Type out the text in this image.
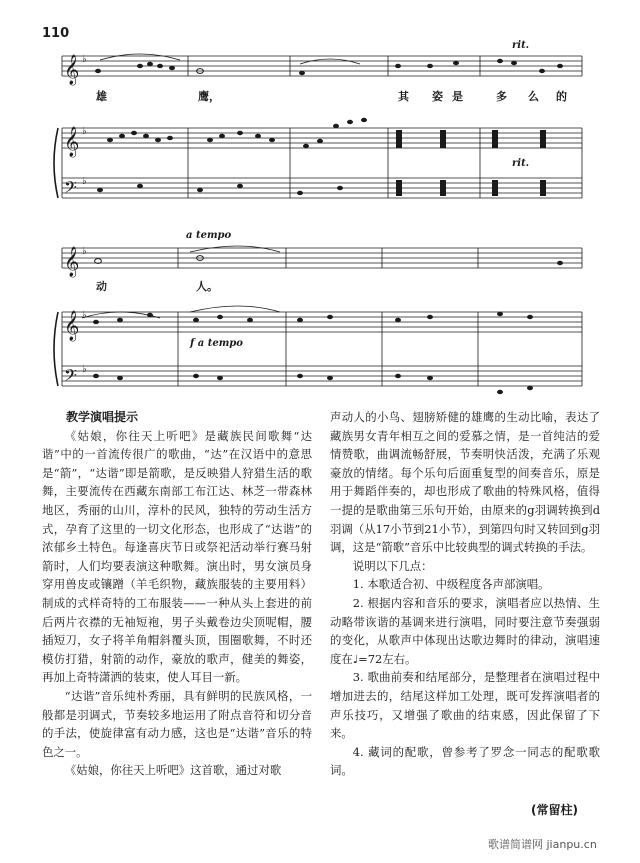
110
𝄞
𝄞
𝄢
𝄞
𝄞
𝄢
♭
♭
♭
♭
♭
♭
雄	鹰，	其 姿 是	多 么 的
rit.
rit.
动	人。
a tempo
f a tempo

教学演唱提示

《姑娘，你往天上听吧》是藏族民间歌舞“达谐”中的一首流传很广的歌曲，“达”在汉语中的意思是“箭”，“达谐”即是箭歌，是反映猎人狩猎生活的歌舞，主要流传在西藏东南部工布江达、林芝一带森林地区，秀丽的山川，淳朴的民风，独特的劳动生活方式，孕育了这里的一切文化形态，也形成了“达谐”的浓郁乡土特色。每逢喜庆节日或祭祀活动举行赛马射箭时，人们均要表演这种歌舞。演出时，男女演员身穿用兽皮或镶蹭（羊毛织物，藏族服装的主要用料）制成的式样奇特的工布服装——一种从头上套进的前后两片衣襟的无袖短袍，男子头戴卷边尖顶呢帽，腰插短刀，女子将羊角帽斜覆头顶，围圈歌舞，不时还模仿打猎，射箭的动作，豪放的歌声，健美的舞姿，再加上奇特潇洒的装束，使人耳目一新。

“达谐”音乐纯朴秀丽，具有鲜明的民族风格，一般都是羽调式，节奏较多地运用了附点音符和切分音的手法，使旋律富有动力感，这也是“达谐”音乐的特色之一。

《姑娘，你往天上听吧》这首歌，通过对歌

声动人的小鸟、翅膀矫健的雄鹰的生动比喻，表达了藏族男女青年相互之间的爱慕之情，是一首纯洁的爱情赞歌，曲调流畅舒展，节奏明快活泼，充满了乐观豪放的情绪。每个乐句后面重复型的间奏音乐，原是用于舞蹈伴奏的，却也形成了歌曲的特殊风格，值得一提的是歌曲第三乐句开始，由原来的g羽调转换到d羽调（从17小节到21小节），到第四句时又转回到g羽调，这是“箭歌”音乐中比较典型的调式转换的手法。

说明以下几点：

1. 本歌适合初、中级程度各声部演唱。

2. 根据内容和音乐的要求，演唱者应以热情、生动略带诙谐的基调来进行演唱，同时要注意节奏强弱的变化，从歌声中体现出达歌边舞时的律动，演唱速度在♩=72左右。

3. 歌曲前奏和结尾部分，是整理者在演唱过程中增加进去的，结尾这样加工处理，既可发挥演唱者的声乐技巧，又增强了歌曲的结束感，因此保留了下来。

4. 藏词的配歌，曾参考了罗念一同志的配歌歌词。

(常留柱)
歌谱简谱网 jianpu.cn
